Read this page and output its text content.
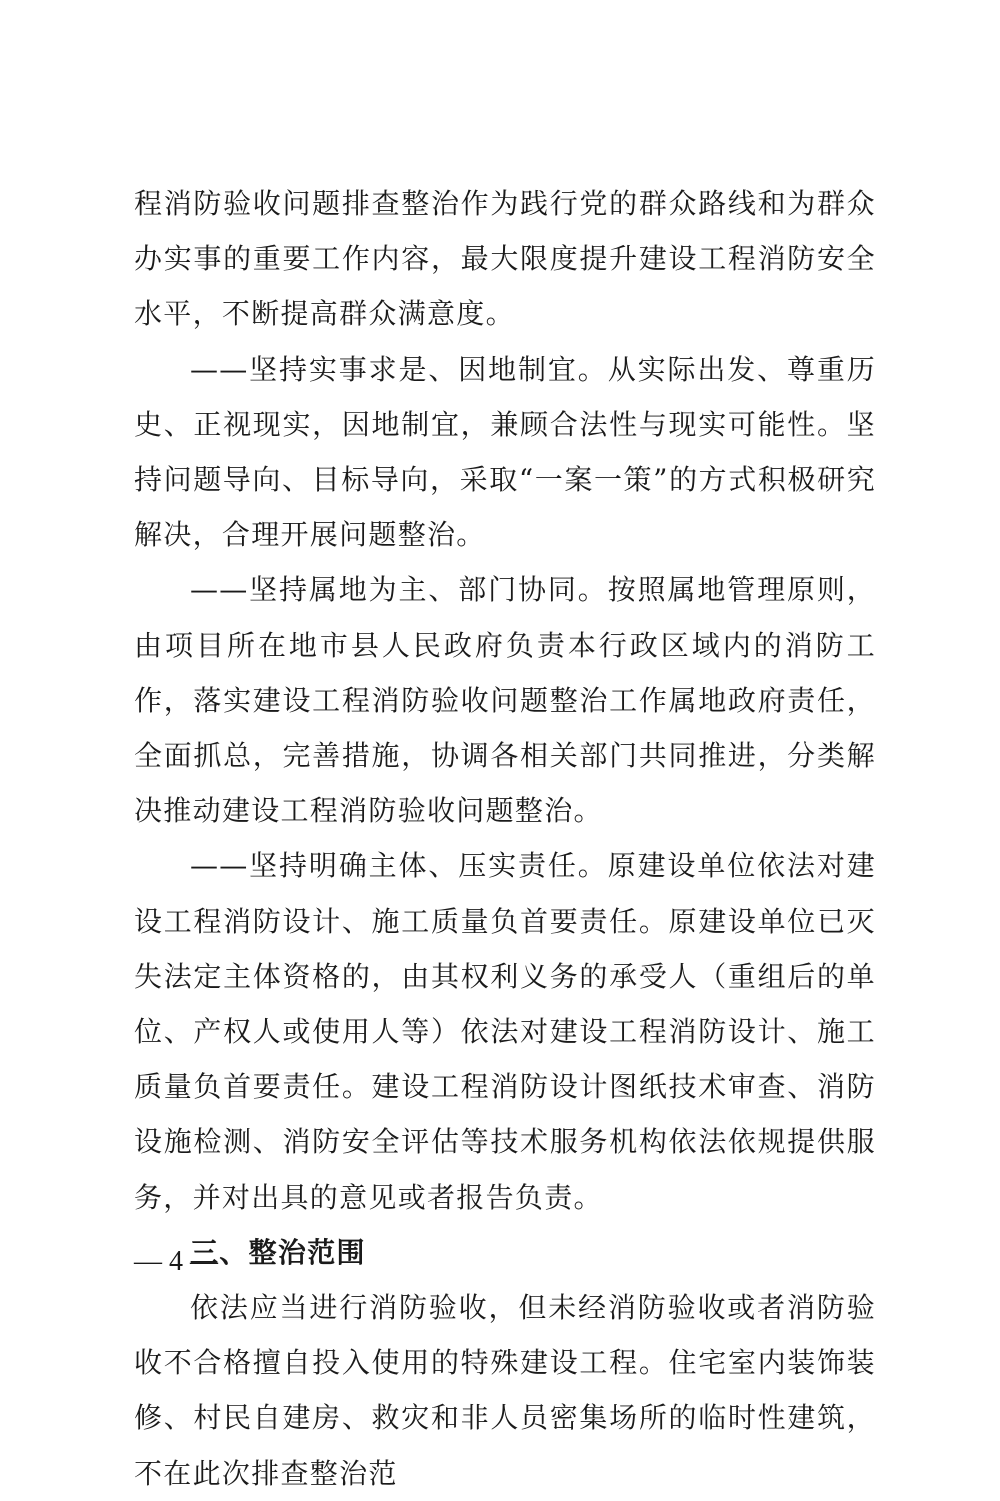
程消防验收问题排查整治作为践行党的群众路线和为群众办实事的重要工作内容，最大限度提升建设工程消防安全水平，不断提高群众满意度。

——坚持实事求是、因地制宜。从实际出发、尊重历史、正视现实，因地制宜，兼顾合法性与现实可能性。坚持问题导向、目标导向，采取“一案一策”的方式积极研究解决，合理开展问题整治。

——坚持属地为主、部门协同。按照属地管理原则，由项目所在地市县人民政府负责本行政区域内的消防工作，落实建设工程消防验收问题整治工作属地政府责任，全面抓总，完善措施，协调各相关部门共同推进，分类解决推动建设工程消防验收问题整治。

——坚持明确主体、压实责任。原建设单位依法对建设工程消防设计、施工质量负首要责任。原建设单位已灭失法定主体资格的，由其权利义务的承受人（重组后的单位、产权人或使用人等）依法对建设工程消防设计、施工质量负首要责任。建设工程消防设计图纸技术审查、消防设施检测、消防安全评估等技术服务机构依法依规提供服务，并对出具的意见或者报告负责。

三、整治范围

依法应当进行消防验收，但未经消防验收或者消防验收不合格擅自投入使用的特殊建设工程。住宅室内装饰装修、村民自建房、救灾和非人员密集场所的临时性建筑，不在此次排查整治范

— 4 —
